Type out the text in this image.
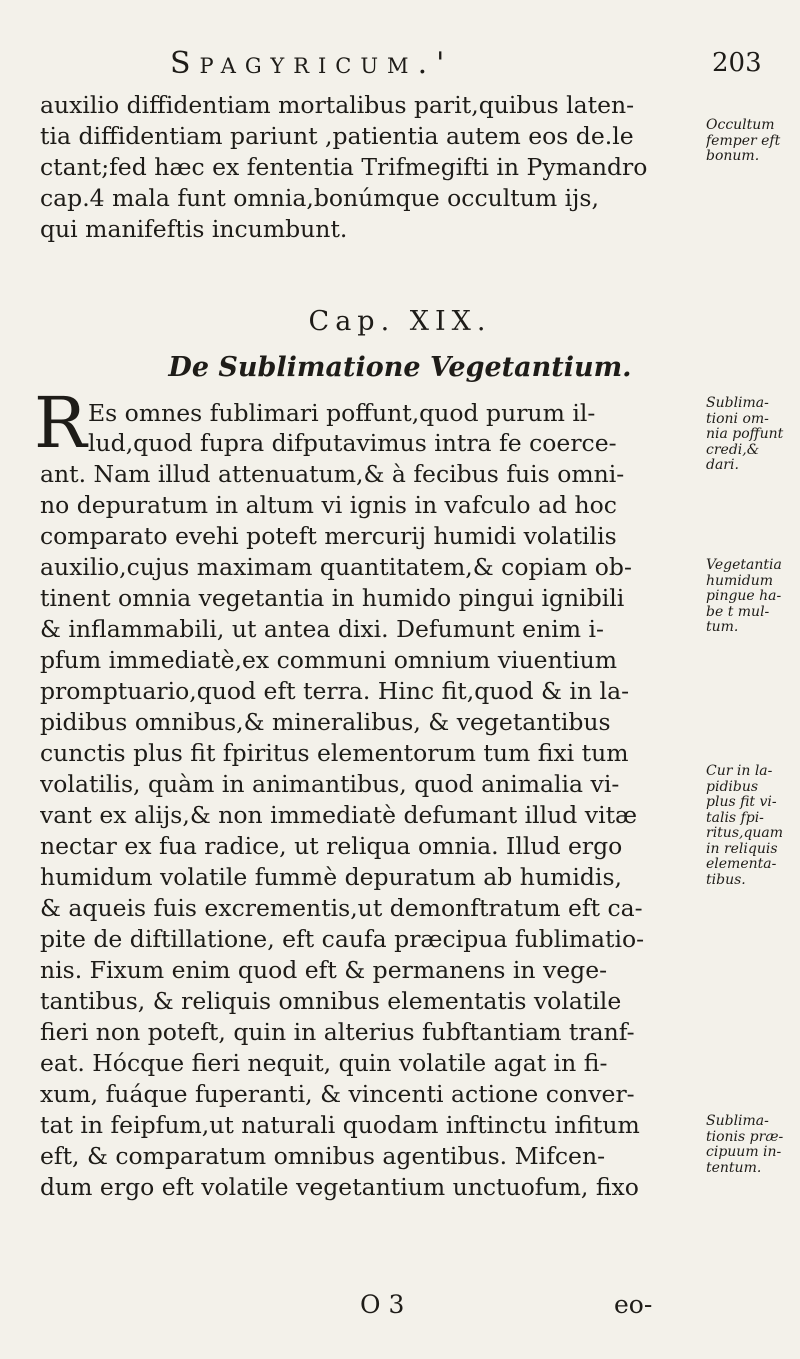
Spagyricum.'	203
auxilio diffidentiam mortalibus parit,quibus laten-
tia diffidentiam pariunt ,patientia autem eos de.le
ctant;fed hæc ex fententia Trifmegifti in Pymandro
cap.4 mala funt omnia,bonúmque occultum ijs,
qui manifeftis incumbunt.
Cap. XIX.
De Sublimatione Vegetantium.
R Es omnes fublimari poffunt,quod purum il-
lud,quod fupra difputavimus intra fe coerce-
ant. Nam illud attenuatum,& à fecibus fuis omni-
no depuratum in altum vi ignis in vafculo ad hoc
comparato evehi poteft mercurij humidi volatilis
auxilio,cujus maximam quantitatem,& copiam ob-
tinent omnia vegetantia in humido pingui ignibili
& inflammabili, ut antea dixi. Defumunt enim i-
pfum immediatè,ex communi omnium viuentium
promptuario,quod eft terra. Hinc fit,quod & in la-
pidibus omnibus,& mineralibus, & vegetantibus
cunctis plus fit fpiritus elementorum tum fixi tum
volatilis, quàm in animantibus, quod animalia vi-
vant ex alijs,& non immediatè defumant illud vitæ
nectar ex fua radice, ut reliqua omnia. Illud ergo
humidum volatile fummè depuratum ab humidis,
& aqueis fuis excrementis,ut demonftratum eft ca-
pite de diftillatione, eft caufa præcipua fublimatio-
nis. Fixum enim quod eft & permanens in vege-
tantibus, & reliquis omnibus elementatis volatile
fieri non poteft, quin in alterius fubftantiam tranf-
eat. Hócque fieri nequit, quin volatile agat in fi-
xum, fuáque fuperanti, & vincenti actione conver-
tat in feipfum,ut naturali quodam inftinctu infitum
eft, & comparatum omnibus agentibus. Mifcen-
dum ergo eft volatile vegetantium unctuofum, fixo
Occultum
femper eft
bonum.
Sublima-
tioni om-
nia poffunt
credi,&
dari.
Vegetantia
humidum
pingue ha-
be t mul-
tum.
Cur in la-
pidibus
plus fit vi-
talis fpi-
ritus,quam
in reliquis
elementa-
tibus.
Sublima-
tionis præ-
cipuum in-
tentum.
O 3	eo-
